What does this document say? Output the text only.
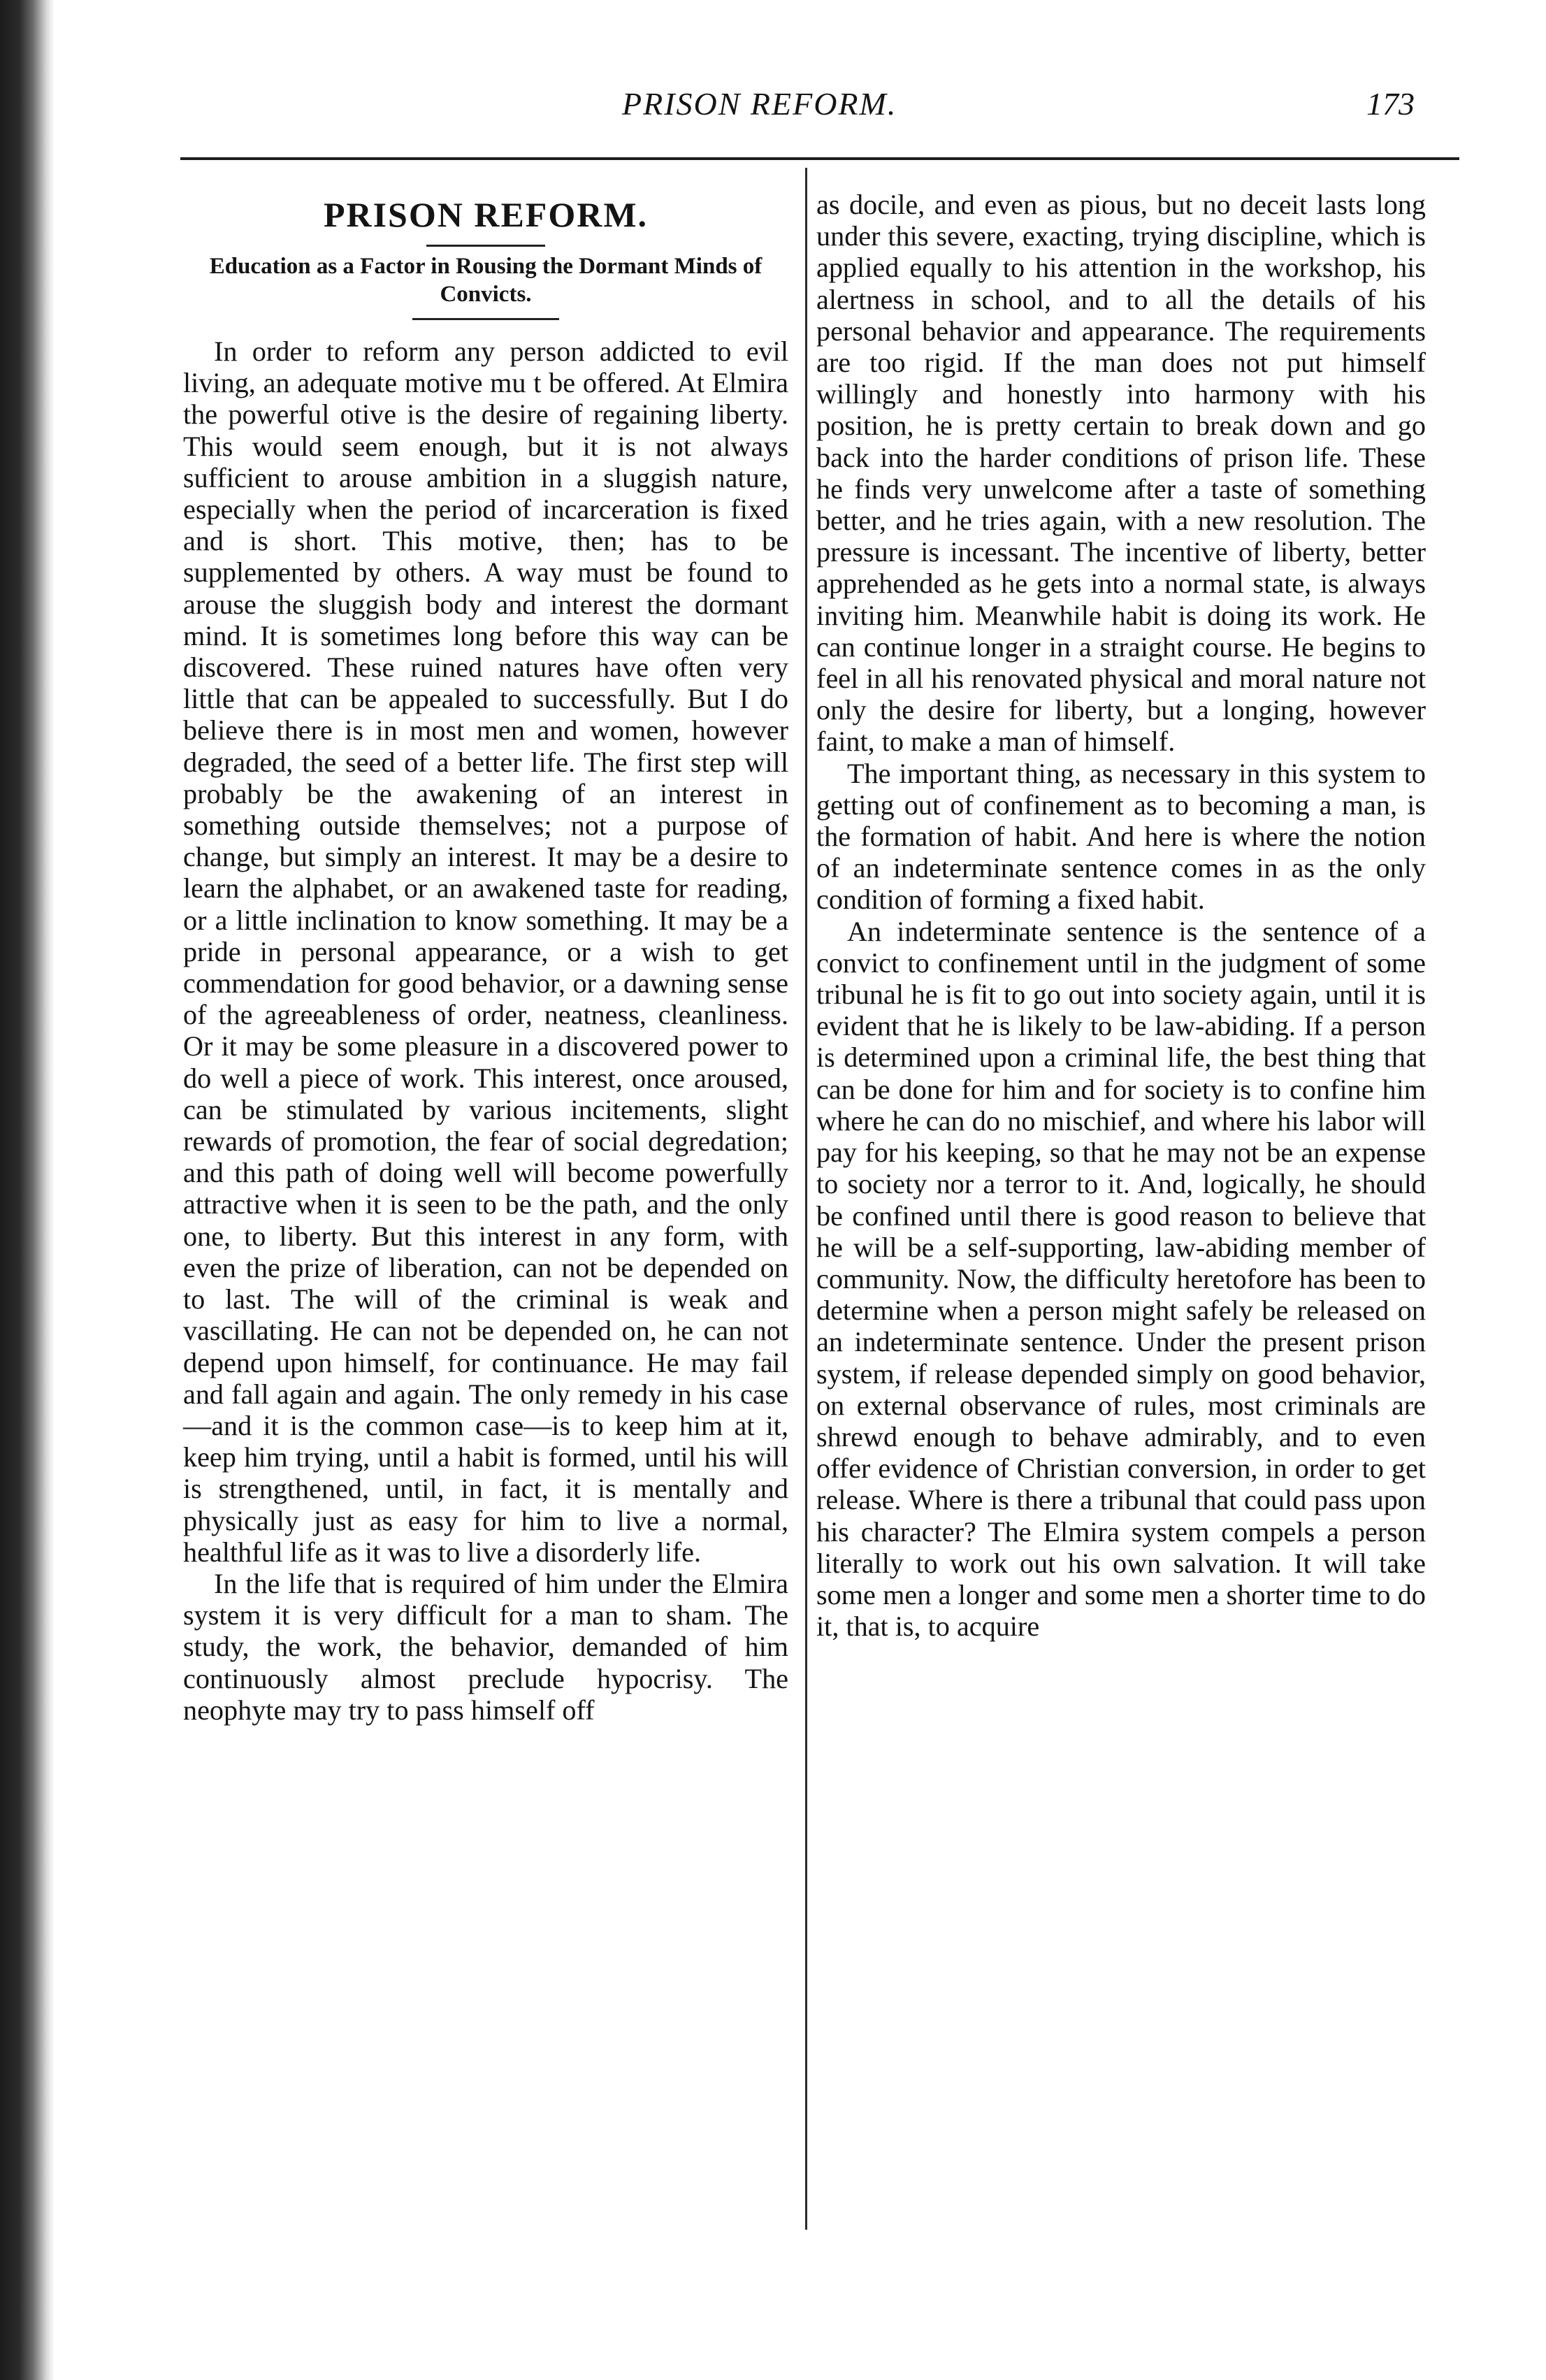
PRISON REFORM.	173
PRISON REFORM.
Education as a Factor in Rousing the Dormant Minds of Convicts.

In order to reform any person addicted to evil living, an adequate motive mu t be offered. At Elmira the powerful otive is the desire of regaining liberty. This would seem enough, but it is not always sufficient to arouse ambition in a sluggish nature, especially when the period of incarceration is fixed and is short. This motive, then; has to be supplemented by others. A way must be found to arouse the sluggish body and interest the dormant mind. It is sometimes long before this way can be discovered. These ruined natures have often very little that can be appealed to successfully. But I do believe there is in most men and women, however degraded, the seed of a better life. The first step will probably be the awakening of an interest in something outside themselves; not a purpose of change, but simply an interest. It may be a desire to learn the alphabet, or an awakened taste for reading, or a little inclination to know something. It may be a pride in personal appearance, or a wish to get commendation for good behavior, or a dawning sense of the agreeableness of order, neatness, cleanliness. Or it may be some pleasure in a discovered power to do well a piece of work. This interest, once aroused, can be stimulated by various incitements, slight rewards of promotion, the fear of social degredation; and this path of doing well will become powerfully attractive when it is seen to be the path, and the only one, to liberty. But this interest in any form, with even the prize of liberation, can not be depended on to last. The will of the criminal is weak and vascillating. He can not be depended on, he can not depend upon himself, for continuance. He may fail and fall again and again. The only remedy in his case—and it is the common case—is to keep him at it, keep him trying, until a habit is formed, until his will is strengthened, until, in fact, it is mentally and physically just as easy for him to live a normal, healthful life as it was to live a disorderly life.

In the life that is required of him under the Elmira system it is very difficult for a man to sham. The study, the work, the behavior, demanded of him continuously almost preclude hypocrisy. The neophyte may try to pass himself off

as docile, and even as pious, but no deceit lasts long under this severe, exacting, trying discipline, which is applied equally to his attention in the workshop, his alertness in school, and to all the details of his personal behavior and appearance. The requirements are too rigid. If the man does not put himself willingly and honestly into harmony with his position, he is pretty certain to break down and go back into the harder conditions of prison life. These he finds very unwelcome after a taste of something better, and he tries again, with a new resolution. The pressure is incessant. The incentive of liberty, better apprehended as he gets into a normal state, is always inviting him. Meanwhile habit is doing its work. He can continue longer in a straight course. He begins to feel in all his renovated physical and moral nature not only the desire for liberty, but a longing, however faint, to make a man of himself.

The important thing, as necessary in this system to getting out of confinement as to becoming a man, is the formation of habit. And here is where the notion of an indeterminate sentence comes in as the only condition of forming a fixed habit.

An indeterminate sentence is the sentence of a convict to confinement until in the judgment of some tribunal he is fit to go out into society again, until it is evident that he is likely to be law-abiding. If a person is determined upon a criminal life, the best thing that can be done for him and for society is to confine him where he can do no mischief, and where his labor will pay for his keeping, so that he may not be an expense to society nor a terror to it. And, logically, he should be confined until there is good reason to believe that he will be a self-supporting, law-abiding member of community. Now, the difficulty heretofore has been to determine when a person might safely be released on an indeterminate sentence. Under the present prison system, if release depended simply on good behavior, on external observance of rules, most criminals are shrewd enough to behave admirably, and to even offer evidence of Christian conversion, in order to get release. Where is there a tribunal that could pass upon his character? The Elmira system compels a person literally to work out his own salvation. It will take some men a longer and some men a shorter time to do it, that is, to acquire
